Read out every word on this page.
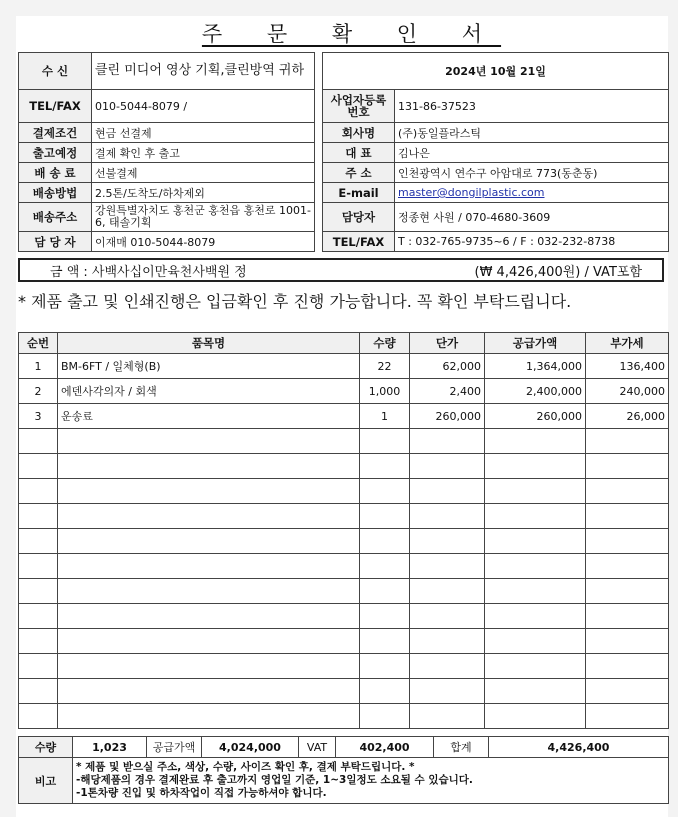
주 문 확 인 서
수 신	클린 미디어 영상 기획,클린방역 귀하
TEL/FAX	010-5044-8079 /
결제조건	현금 선결제
출고예정	결제 확인 후 출고
배 송 료	선불결제
배송방법	2.5톤/도착도/하차제외
배송주소	강원특별자치도 홍천군 홍천읍 홍천로 1001-6, 태솔기획
담 당 자	이재매 010-5044-8079
2024년 10월 21일	
사업자등록번호	131-86-37523
회사명	(주)동일플라스틱
대 표	김나은
주 소	인천광역시 연수구 아암대로 773(동춘동)
E-mail	master@dongilplastic.com
담당자	정종현 사원 / 070-4680-3609
TEL/FAX	T : 032-765-9735~6 / F : 032-232-8738
금 액 : 사백사십이만육천사백원 정	(₩ 4,426,400원) / VAT포함
* 제품 출고 및 인쇄진행은 입금확인 후 진행 가능합니다. 꼭 확인 부탁드립니다.
순번	품목명	수량	단가	공급가액	부가세
1	BM-6FT / 일체형(B)	22	62,000	1,364,000	136,400
2	에덴사각의자 / 회색	1,000	2,400	2,400,000	240,000
3	운송료	1	260,000	260,000	26,000

수량	1,023	공급가액	4,024,000	VAT	402,400	합계	4,426,400
비고	* 제품 및 받으실 주소, 색상, 수량, 사이즈 확인 후, 결제 부탁드립니다. *
-해당제품의 경우 결제완료 후 출고까지 영업일 기준, 1~3일정도 소요될 수 있습니다.
-1톤차량 진입 및 하차작업이 직접 가능하셔야 합니다.						
